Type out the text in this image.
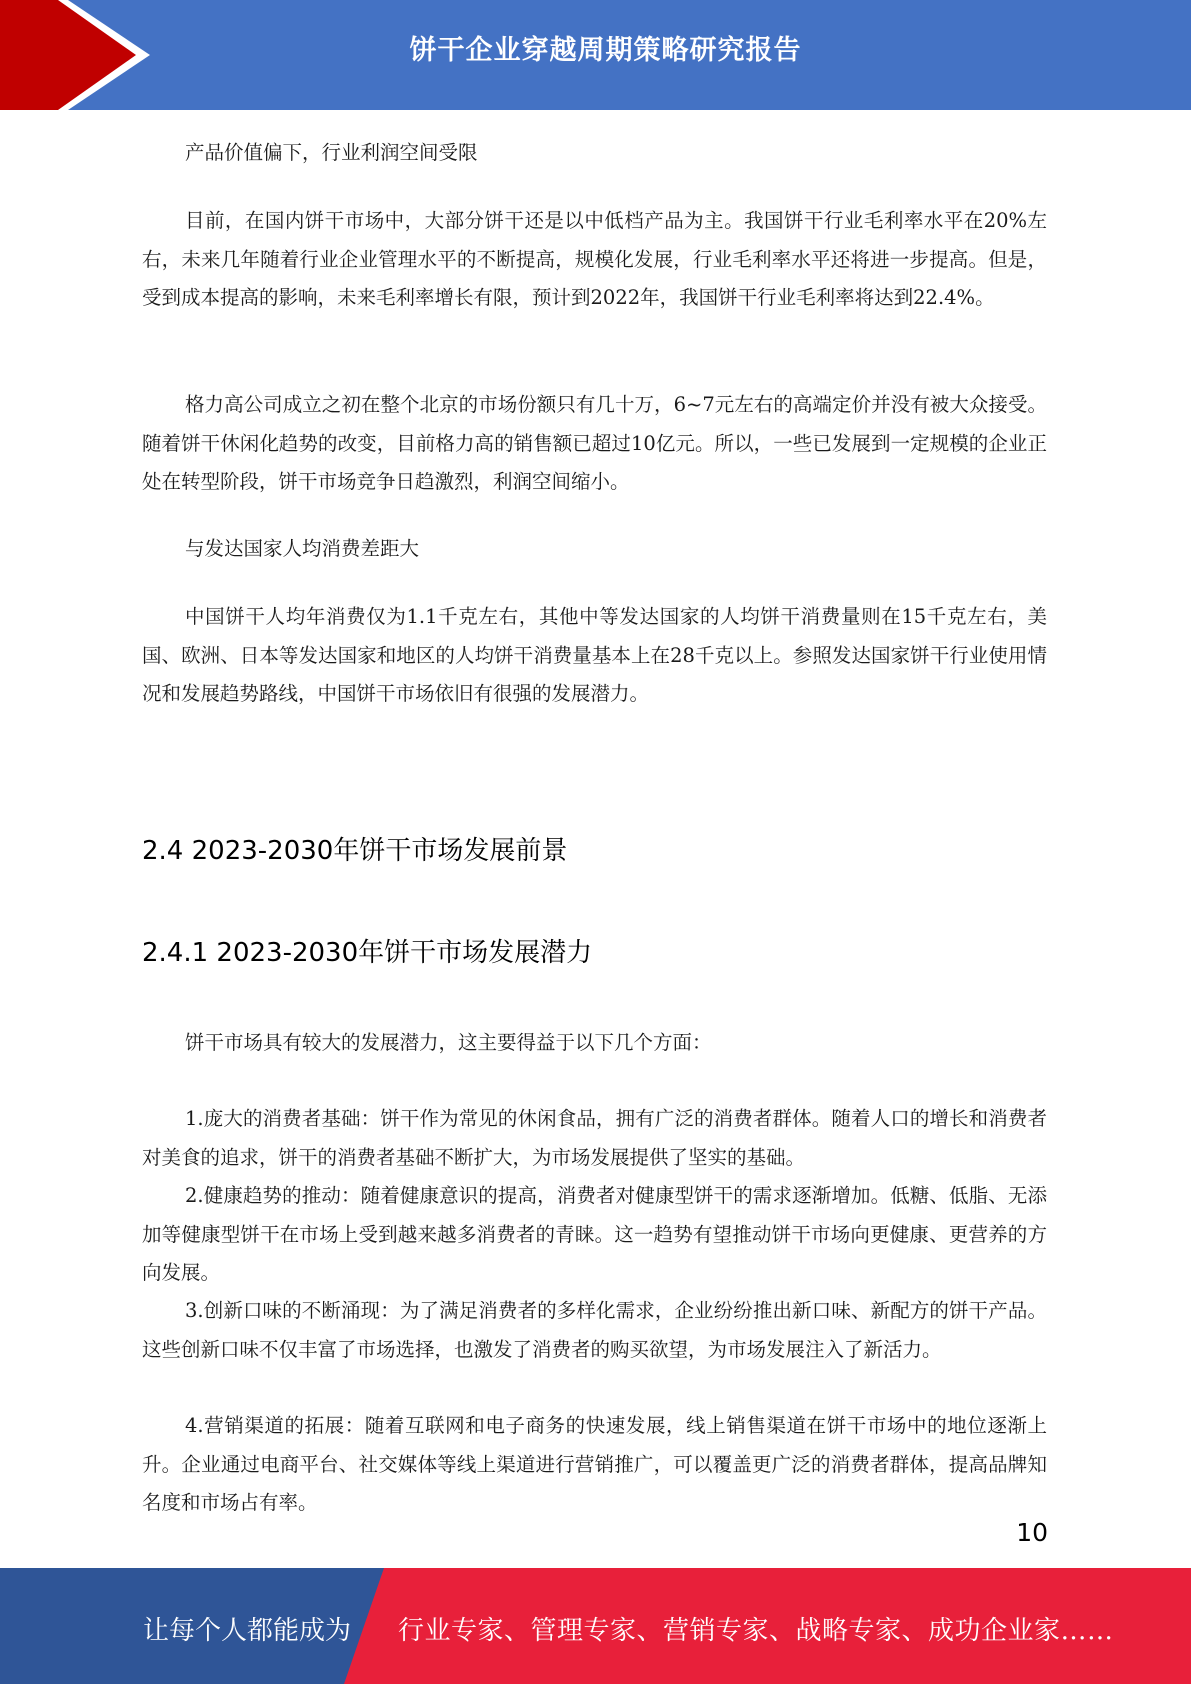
饼干企业穿越周期策略研究报告
产品价值偏下，行业利润空间受限
目前，在国内饼干市场中，大部分饼干还是以中低档产品为主。我国饼干行业毛利率水平在20%左右，未来几年随着行业企业管理水平的不断提高，规模化发展，行业毛利率水平还将进一步提高。但是，受到成本提高的影响，未来毛利率增长有限，预计到2022年，我国饼干行业毛利率将达到22.4%。
格力高公司成立之初在整个北京的市场份额只有几十万，6~7元左右的高端定价并没有被大众接受。随着饼干休闲化趋势的改变，目前格力高的销售额已超过10亿元。所以，一些已发展到一定规模的企业正处在转型阶段，饼干市场竞争日趋激烈，利润空间缩小。
与发达国家人均消费差距大
中国饼干人均年消费仅为1.1千克左右，其他中等发达国家的人均饼干消费量则在15千克左右，美国、欧洲、日本等发达国家和地区的人均饼干消费量基本上在28千克以上。参照发达国家饼干行业使用情况和发展趋势路线，中国饼干市场依旧有很强的发展潜力。
2.4 2023-2030年饼干市场发展前景
2.4.1 2023-2030年饼干市场发展潜力
饼干市场具有较大的发展潜力，这主要得益于以下几个方面：
1.庞大的消费者基础：饼干作为常见的休闲食品，拥有广泛的消费者群体。随着人口的增长和消费者对美食的追求，饼干的消费者基础不断扩大，为市场发展提供了坚实的基础。
2.健康趋势的推动：随着健康意识的提高，消费者对健康型饼干的需求逐渐增加。低糖、低脂、无添加等健康型饼干在市场上受到越来越多消费者的青睐。这一趋势有望推动饼干市场向更健康、更营养的方向发展。
3.创新口味的不断涌现：为了满足消费者的多样化需求，企业纷纷推出新口味、新配方的饼干产品。这些创新口味不仅丰富了市场选择，也激发了消费者的购买欲望，为市场发展注入了新活力。
4.营销渠道的拓展：随着互联网和电子商务的快速发展，线上销售渠道在饼干市场中的地位逐渐上升。企业通过电商平台、社交媒体等线上渠道进行营销推广，可以覆盖更广泛的消费者群体，提高品牌知名度和市场占有率。
10
让每个人都能成为 行业专家、管理专家、营销专家、战略专家、成功企业家……
